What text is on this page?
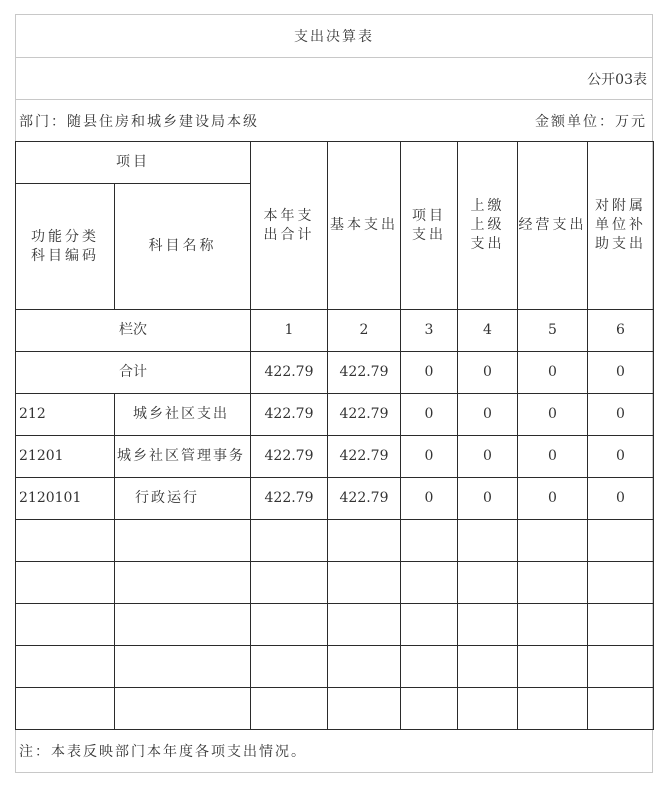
支出决算表
公开03表
部门：随县住房和城乡建设局本级	金额单位：万元
项目		本年支出合计	基本支出	项目支出	上缴上级支出	经营支出	对附属单位补助支出
功能分类科目编码	科目名称						
栏次		1	2	3	4	5	6
合计		422.79	422.79	0	0	0	0
212	城乡社区支出	422.79	422.79	0	0	0	0
21201	城乡社区管理事务	422.79	422.79	0	0	0	0
2120101	行政运行	422.79	422.79	0	0	0	0

注：本表反映部门本年度各项支出情况。
